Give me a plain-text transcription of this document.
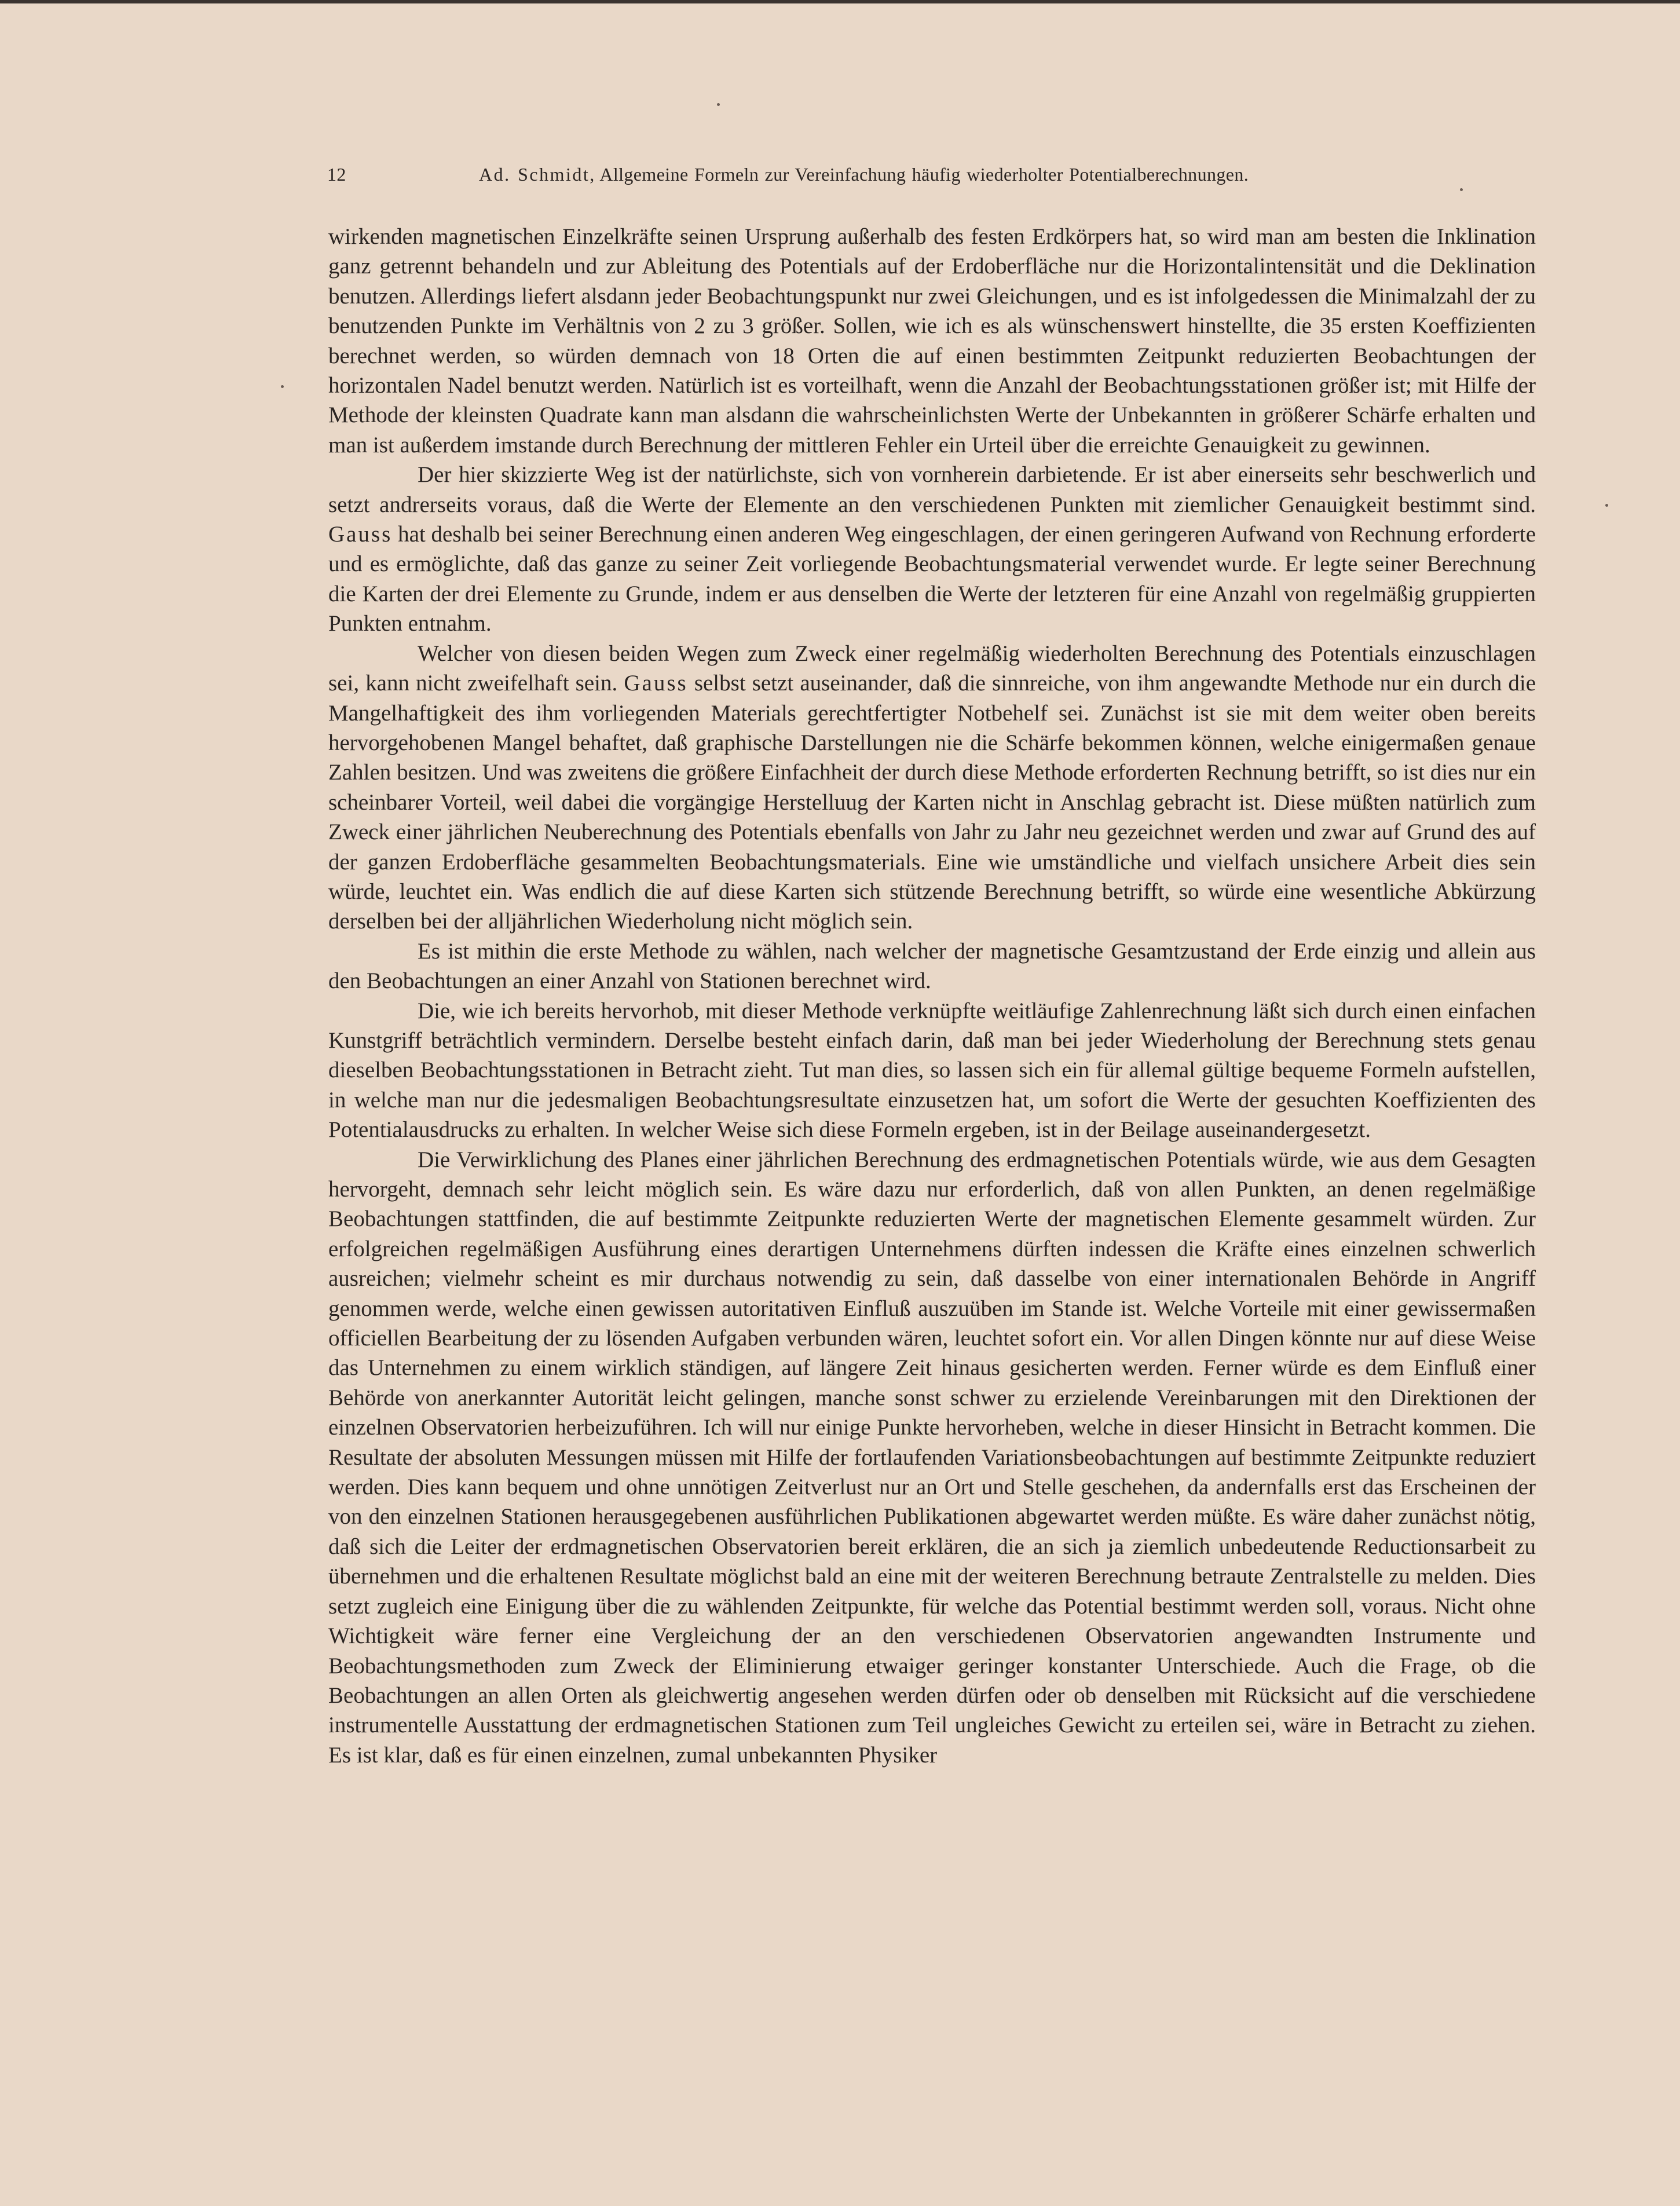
12	Ad. Schmidt, Allgemeine Formeln zur Vereinfachung häufig wiederholter Potentialberechnungen.

wirkenden magnetischen Einzelkräfte seinen Ursprung außerhalb des festen Erdkörpers hat, so wird man am besten die Inklination ganz getrennt behandeln und zur Ableitung des Potentials auf der Erdoberfläche nur die Horizontalintensität und die Deklination benutzen. Allerdings liefert alsdann jeder Beobachtungspunkt nur zwei Gleichungen, und es ist infolgedessen die Minimalzahl der zu benutzenden Punkte im Verhältnis von 2 zu 3 größer. Sollen, wie ich es als wünschenswert hinstellte, die 35 ersten Koeffizienten berechnet werden, so würden demnach von 18 Orten die auf einen bestimmten Zeitpunkt reduzierten Beobachtungen der horizontalen Nadel benutzt werden. Natürlich ist es vorteilhaft, wenn die Anzahl der Beobachtungsstationen größer ist; mit Hilfe der Methode der kleinsten Quadrate kann man alsdann die wahrscheinlichsten Werte der Unbekannten in größerer Schärfe erhalten und man ist außerdem imstande durch Berechnung der mittleren Fehler ein Urteil über die erreichte Genauigkeit zu gewinnen.

Der hier skizzierte Weg ist der natürlichste, sich von vornherein darbietende. Er ist aber einerseits sehr beschwerlich und setzt andrerseits voraus, daß die Werte der Elemente an den verschiedenen Punkten mit ziemlicher Genauigkeit bestimmt sind. Gauss hat deshalb bei seiner Berechnung einen anderen Weg eingeschlagen, der einen geringeren Aufwand von Rechnung erforderte und es ermöglichte, daß das ganze zu seiner Zeit vorliegende Beobachtungsmaterial verwendet wurde. Er legte seiner Berechnung die Karten der drei Elemente zu Grunde, indem er aus denselben die Werte der letzteren für eine Anzahl von regelmäßig gruppierten Punkten entnahm.

Welcher von diesen beiden Wegen zum Zweck einer regelmäßig wiederholten Berechnung des Potentials einzuschlagen sei, kann nicht zweifelhaft sein. Gauss selbst setzt auseinander, daß die sinnreiche, von ihm angewandte Methode nur ein durch die Mangelhaftigkeit des ihm vorliegenden Materials gerechtfertigter Notbehelf sei. Zunächst ist sie mit dem weiter oben bereits hervorgehobenen Mangel behaftet, daß graphische Darstellungen nie die Schärfe bekommen können, welche einigermaßen genaue Zahlen besitzen. Und was zweitens die größere Einfachheit der durch diese Methode erforderten Rechnung betrifft, so ist dies nur ein scheinbarer Vorteil, weil dabei die vorgängige Herstelluug der Karten nicht in Anschlag gebracht ist. Diese müßten natürlich zum Zweck einer jährlichen Neuberechnung des Potentials ebenfalls von Jahr zu Jahr neu gezeichnet werden und zwar auf Grund des auf der ganzen Erdoberfläche gesammelten Beobachtungsmaterials. Eine wie umständliche und vielfach unsichere Arbeit dies sein würde, leuchtet ein. Was endlich die auf diese Karten sich stützende Berechnung betrifft, so würde eine wesentliche Abkürzung derselben bei der alljährlichen Wiederholung nicht möglich sein.

Es ist mithin die erste Methode zu wählen, nach welcher der magnetische Gesamtzustand der Erde einzig und allein aus den Beobachtungen an einer Anzahl von Stationen berechnet wird.

Die, wie ich bereits hervorhob, mit dieser Methode verknüpfte weitläufige Zahlenrechnung läßt sich durch einen einfachen Kunstgriff beträchtlich vermindern. Derselbe besteht einfach darin, daß man bei jeder Wiederholung der Berechnung stets genau dieselben Beobachtungsstationen in Betracht zieht. Tut man dies, so lassen sich ein für allemal gültige bequeme Formeln aufstellen, in welche man nur die jedesmaligen Beobachtungsresultate einzusetzen hat, um sofort die Werte der gesuchten Koeffizienten des Potentialausdrucks zu erhalten. In welcher Weise sich diese Formeln ergeben, ist in der Beilage auseinandergesetzt.

Die Verwirklichung des Planes einer jährlichen Berechnung des erdmagnetischen Potentials würde, wie aus dem Gesagten hervorgeht, demnach sehr leicht möglich sein. Es wäre dazu nur erforderlich, daß von allen Punkten, an denen regelmäßige Beobachtungen stattfinden, die auf bestimmte Zeitpunkte reduzierten Werte der magnetischen Elemente gesammelt würden. Zur erfolgreichen regelmäßigen Ausführung eines derartigen Unternehmens dürften indessen die Kräfte eines einzelnen schwerlich ausreichen; vielmehr scheint es mir durchaus notwendig zu sein, daß dasselbe von einer internationalen Behörde in Angriff genommen werde, welche einen gewissen autoritativen Einfluß auszuüben im Stande ist. Welche Vorteile mit einer gewissermaßen officiellen Bearbeitung der zu lösenden Aufgaben verbunden wären, leuchtet sofort ein. Vor allen Dingen könnte nur auf diese Weise das Unternehmen zu einem wirklich ständigen, auf längere Zeit hinaus gesicherten werden. Ferner würde es dem Einfluß einer Behörde von anerkannter Autorität leicht gelingen, manche sonst schwer zu erzielende Vereinbarungen mit den Direktionen der einzelnen Observatorien herbeizuführen. Ich will nur einige Punkte hervorheben, welche in dieser Hinsicht in Betracht kommen. Die Resultate der absoluten Messungen müssen mit Hilfe der fortlaufenden Variationsbeobachtungen auf bestimmte Zeitpunkte reduziert werden. Dies kann bequem und ohne unnötigen Zeitverlust nur an Ort und Stelle geschehen, da andernfalls erst das Erscheinen der von den einzelnen Stationen herausgegebenen ausführlichen Publikationen abgewartet werden müßte. Es wäre daher zunächst nötig, daß sich die Leiter der erdmagnetischen Observatorien bereit erklären, die an sich ja ziemlich unbedeutende Reductionsarbeit zu übernehmen und die erhaltenen Resultate möglichst bald an eine mit der weiteren Berechnung betraute Zentralstelle zu melden. Dies setzt zugleich eine Einigung über die zu wählenden Zeitpunkte, für welche das Potential bestimmt werden soll, voraus. Nicht ohne Wichtigkeit wäre ferner eine Vergleichung der an den verschiedenen Observatorien angewandten Instrumente und Beobachtungsmethoden zum Zweck der Eliminierung etwaiger geringer konstanter Unterschiede. Auch die Frage, ob die Beobachtungen an allen Orten als gleichwertig angesehen werden dürfen oder ob denselben mit Rücksicht auf die verschiedene instrumentelle Ausstattung der erdmagnetischen Stationen zum Teil ungleiches Gewicht zu erteilen sei, wäre in Betracht zu ziehen. Es ist klar, daß es für einen einzelnen, zumal unbekannten Physiker
